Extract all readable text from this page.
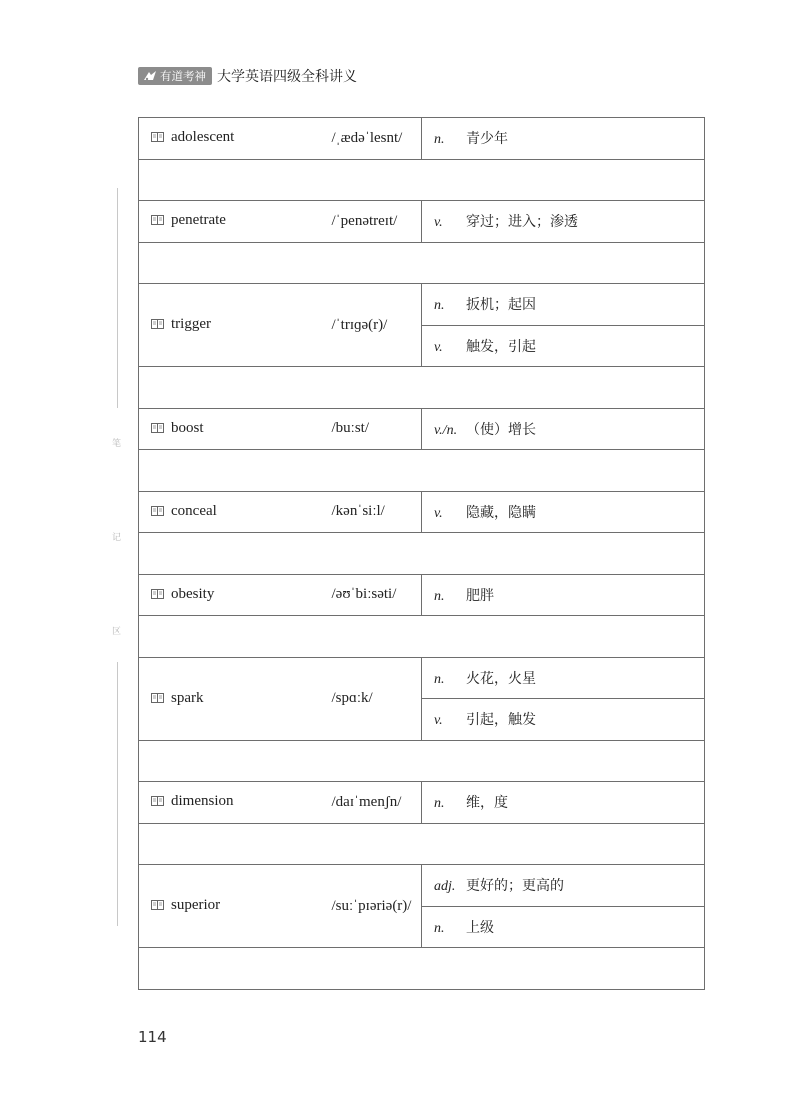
有道考神 大学英语四级全科讲义
笔
记
区
adolescent	/ˌædəˈlesnt/	n. 青少年

penetrate	/ˈpenətreɪt/	v. 穿过；进入；渗透

trigger	/ˈtrɪɡə(r)/	n. 扳机；起因
		v. 触发，引起

boost	/buːst/	v./n. （使）增长

conceal	/kənˈsiːl/	v. 隐藏，隐瞒

obesity	/əʊˈbiːsəti/	n. 肥胖

spark	/spɑːk/	n. 火花，火星
		v. 引起，触发

dimension	/daɪˈmenʃn/	n. 维，度

superior	/suːˈpɪəriə(r)/	adj. 更好的；更高的
		n. 上级

114
